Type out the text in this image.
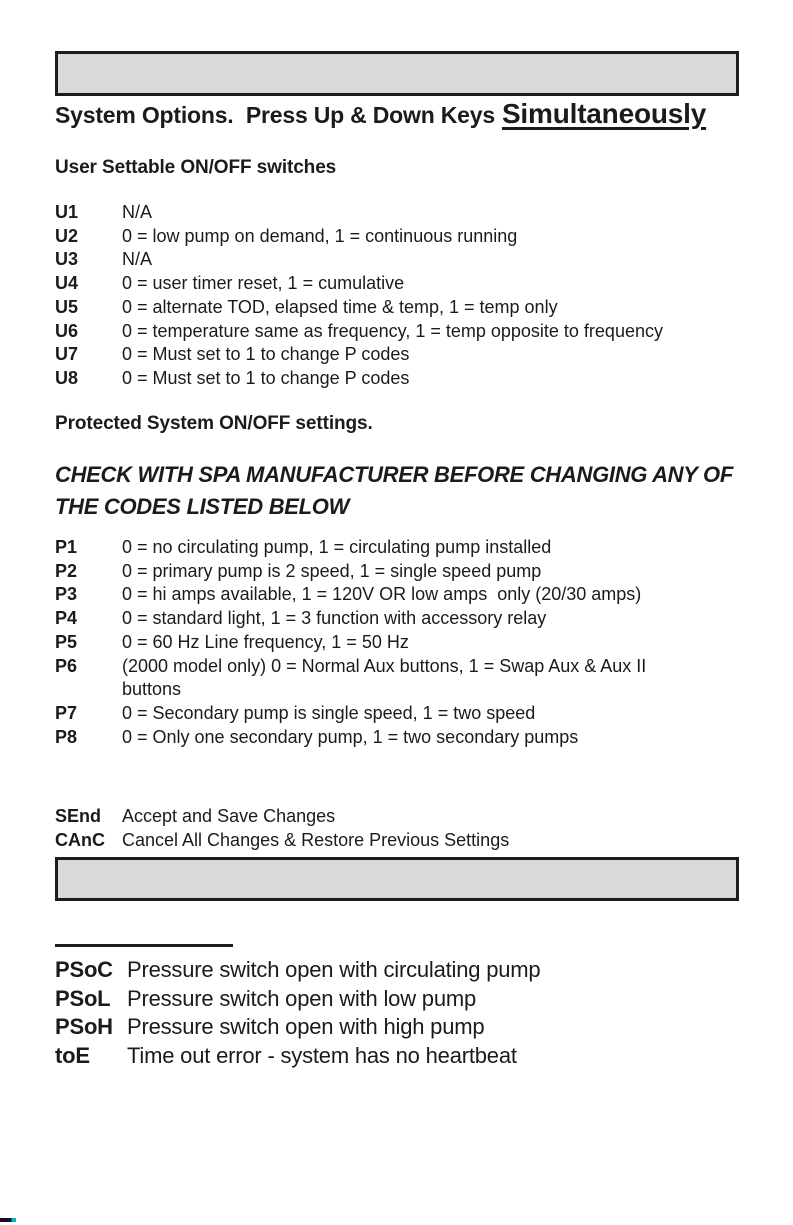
System Options.  Press Up & Down Keys Simultaneously
User Settable ON/OFF switches
U1	N/A
U2	0 = low pump on demand, 1 = continuous running
U3	N/A
U4	0 = user timer reset, 1 = cumulative
U5	0 = alternate TOD, elapsed time & temp, 1 = temp only
U6	0 = temperature same as frequency, 1 = temp opposite to frequency
U7	0 = Must set to 1 to change P codes
U8	0 = Must set to 1 to change P codes
Protected System ON/OFF settings.
CHECK WITH SPA MANUFACTURER BEFORE CHANGING ANY OF
THE CODES LISTED BELOW
P1	0 = no circulating pump, 1 = circulating pump installed
P2	0 = primary pump is 2 speed, 1 = single speed pump
P3	0 = hi amps available, 1 = 120V OR low amps  only (20/30 amps)
P4	0 = standard light, 1 = 3 function with accessory relay
P5	0 = 60 Hz Line frequency, 1 = 50 Hz
P6	(2000 model only) 0 = Normal Aux buttons, 1 = Swap Aux & Aux II buttons
P7	0 = Secondary pump is single speed, 1 = two speed
P8	0 = Only one secondary pump, 1 = two secondary pumps
SEnd	Accept and Save Changes
CAnC Cancel All Changes & Restore Previous Settings
PSoC Pressure switch open with circulating pump
PSoL Pressure switch open with low pump
PSoH Pressure switch open with high pump
toE	Time out error - system has no heartbeat
